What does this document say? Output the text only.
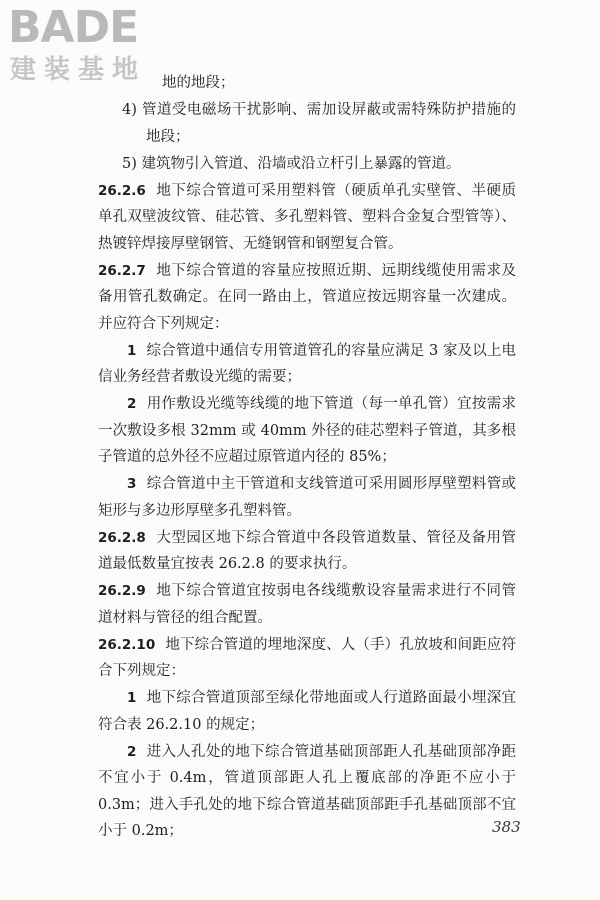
BADE
建装基地	地的地段；

4) 管道受电磁场干扰影响、需加设屏蔽或需特殊防护措施的地段；

5) 建筑物引入管道、沿墙或沿立杆引上暴露的管道。

26.2.6 地下综合管道可采用塑料管（硬质单孔实壁管、半硬质单孔双壁波纹管、硅芯管、多孔塑料管、塑料合金复合型管等）、热镀锌焊接厚壁钢管、无缝钢管和钢塑复合管。

26.2.7 地下综合管道的容量应按照近期、远期线缆使用需求及备用管孔数确定。在同一路由上，管道应按远期容量一次建成。并应符合下列规定：

1 综合管道中通信专用管道管孔的容量应满足 3 家及以上电信业务经营者敷设光缆的需要；

2 用作敷设光缆等线缆的地下管道（每一单孔管）宜按需求一次敷设多根 32mm 或 40mm 外径的硅芯塑料子管道，其多根子管道的总外径不应超过原管道内径的 85%；

3 综合管道中主干管道和支线管道可采用圆形厚壁塑料管或矩形与多边形厚壁多孔塑料管。

26.2.8 大型园区地下综合管道中各段管道数量、管径及备用管道最低数量宜按表 26.2.8 的要求执行。

26.2.9 地下综合管道宜按弱电各线缆敷设容量需求进行不同管道材料与管径的组合配置。

26.2.10 地下综合管道的埋地深度、人（手）孔放坡和间距应符合下列规定：

1 地下综合管道顶部至绿化带地面或人行道路面最小埋深宜符合表 26.2.10 的规定；

2 进入人孔处的地下综合管道基础顶部距人孔基础顶部净距不宜小于 0.4m，管道顶部距人孔上覆底部的净距不应小于 0.3m；进入手孔处的地下综合管道基础顶部距手孔基础顶部不宜小于 0.2m；	383
